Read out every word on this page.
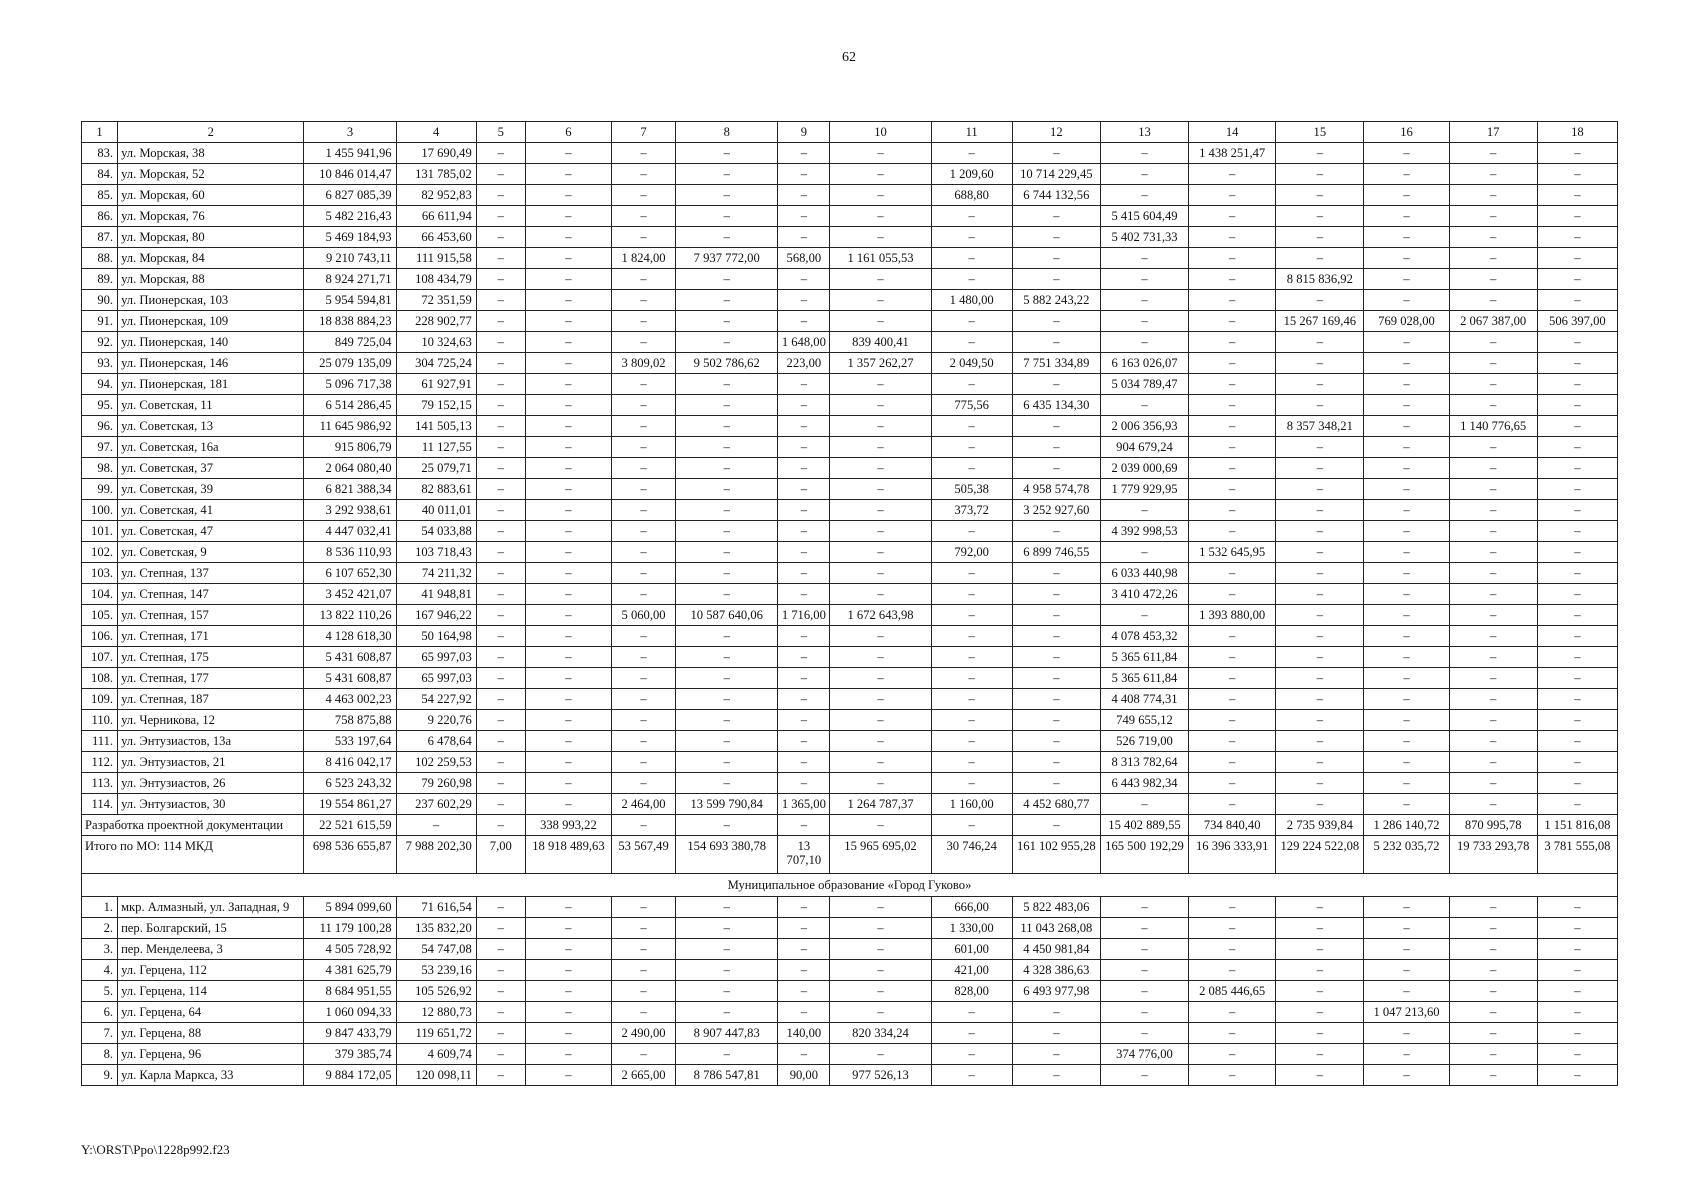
62
1	2	3	4	5	6	7	8	9	10	11	12	13	14	15	16	17	18
83.	ул. Морская, 38	1 455 941,96	17 690,49	–	–	–	–	–	–	–	–	–	1 438 251,47	–	–	–	–
84.	ул. Морская, 52	10 846 014,47	131 785,02	–	–	–	–	–	–	1 209,60	10 714 229,45	–	–	–	–	–	–
85.	ул. Морская, 60	6 827 085,39	82 952,83	–	–	–	–	–	–	688,80	6 744 132,56	–	–	–	–	–	–
86.	ул. Морская, 76	5 482 216,43	66 611,94	–	–	–	–	–	–	–	–	5 415 604,49	–	–	–	–	–
87.	ул. Морская, 80	5 469 184,93	66 453,60	–	–	–	–	–	–	–	–	5 402 731,33	–	–	–	–	–
88.	ул. Морская, 84	9 210 743,11	111 915,58	–	–	1 824,00	7 937 772,00	568,00	1 161 055,53	–	–	–	–	–	–	–	–
89.	ул. Морская, 88	8 924 271,71	108 434,79	–	–	–	–	–	–	–	–	–	–	8 815 836,92	–	–	–
90.	ул. Пионерская, 103	5 954 594,81	72 351,59	–	–	–	–	–	–	1 480,00	5 882 243,22	–	–	–	–	–	–
91.	ул. Пионерская, 109	18 838 884,23	228 902,77	–	–	–	–	–	–	–	–	–	–	15 267 169,46	769 028,00	2 067 387,00	506 397,00
92.	ул. Пионерская, 140	849 725,04	10 324,63	–	–	–	–	1 648,00	839 400,41	–	–	–	–	–	–	–	–
93.	ул. Пионерская, 146	25 079 135,09	304 725,24	–	–	3 809,02	9 502 786,62	223,00	1 357 262,27	2 049,50	7 751 334,89	6 163 026,07	–	–	–	–	–
94.	ул. Пионерская, 181	5 096 717,38	61 927,91	–	–	–	–	–	–	–	–	5 034 789,47	–	–	–	–	–
95.	ул. Советская, 11	6 514 286,45	79 152,15	–	–	–	–	–	–	775,56	6 435 134,30	–	–	–	–	–	–
96.	ул. Советская, 13	11 645 986,92	141 505,13	–	–	–	–	–	–	–	–	2 006 356,93	–	8 357 348,21	–	1 140 776,65	–
97.	ул. Советская, 16а	915 806,79	11 127,55	–	–	–	–	–	–	–	–	904 679,24	–	–	–	–	–
98.	ул. Советская, 37	2 064 080,40	25 079,71	–	–	–	–	–	–	–	–	2 039 000,69	–	–	–	–	–
99.	ул. Советская, 39	6 821 388,34	82 883,61	–	–	–	–	–	–	505,38	4 958 574,78	1 779 929,95	–	–	–	–	–
100.	ул. Советская, 41	3 292 938,61	40 011,01	–	–	–	–	–	–	373,72	3 252 927,60	–	–	–	–	–	–
101.	ул. Советская, 47	4 447 032,41	54 033,88	–	–	–	–	–	–	–	–	4 392 998,53	–	–	–	–	–
102.	ул. Советская, 9	8 536 110,93	103 718,43	–	–	–	–	–	–	792,00	6 899 746,55	–	1 532 645,95	–	–	–	–
103.	ул. Степная, 137	6 107 652,30	74 211,32	–	–	–	–	–	–	–	–	6 033 440,98	–	–	–	–	–
104.	ул. Степная, 147	3 452 421,07	41 948,81	–	–	–	–	–	–	–	–	3 410 472,26	–	–	–	–	–
105.	ул. Степная, 157	13 822 110,26	167 946,22	–	–	5 060,00	10 587 640,06	1 716,00	1 672 643,98	–	–	–	1 393 880,00	–	–	–	–
106.	ул. Степная, 171	4 128 618,30	50 164,98	–	–	–	–	–	–	–	–	4 078 453,32	–	–	–	–	–
107.	ул. Степная, 175	5 431 608,87	65 997,03	–	–	–	–	–	–	–	–	5 365 611,84	–	–	–	–	–
108.	ул. Степная, 177	5 431 608,87	65 997,03	–	–	–	–	–	–	–	–	5 365 611,84	–	–	–	–	–
109.	ул. Степная, 187	4 463 002,23	54 227,92	–	–	–	–	–	–	–	–	4 408 774,31	–	–	–	–	–
110.	ул. Черникова, 12	758 875,88	9 220,76	–	–	–	–	–	–	–	–	749 655,12	–	–	–	–	–
111.	ул. Энтузиастов, 13а	533 197,64	6 478,64	–	–	–	–	–	–	–	–	526 719,00	–	–	–	–	–
112.	ул. Энтузиастов, 21	8 416 042,17	102 259,53	–	–	–	–	–	–	–	–	8 313 782,64	–	–	–	–	–
113.	ул. Энтузиастов, 26	6 523 243,32	79 260,98	–	–	–	–	–	–	–	–	6 443 982,34	–	–	–	–	–
114.	ул. Энтузиастов, 30	19 554 861,27	237 602,29	–	–	2 464,00	13 599 790,84	1 365,00	1 264 787,37	1 160,00	4 452 680,77	–	–	–	–	–	–
Разработка проектной документации		22 521 615,59	–	–	338 993,22	–	–	–	–	–	–	15 402 889,55	734 840,40	2 735 939,84	1 286 140,72	870 995,78	1 151 816,08
Итого по МО: 114 МКД		698 536 655,87	7 988 202,30	7,00	18 918 489,63	53 567,49	154 693 380,78	13 707,10	15 965 695,02	30 746,24	161 102 955,28	165 500 192,29	16 396 333,91	129 224 522,08	5 232 035,72	19 733 293,78	3 781 555,08
Муниципальное образование «Город Гуково»																	
1.	мкр. Алмазный, ул. Западная, 9	5 894 099,60	71 616,54	–	–	–	–	–	–	666,00	5 822 483,06	–	–	–	–	–	–
2.	пер. Болгарский, 15	11 179 100,28	135 832,20	–	–	–	–	–	–	1 330,00	11 043 268,08	–	–	–	–	–	–
3.	пер. Менделеева, 3	4 505 728,92	54 747,08	–	–	–	–	–	–	601,00	4 450 981,84	–	–	–	–	–	–
4.	ул. Герцена, 112	4 381 625,79	53 239,16	–	–	–	–	–	–	421,00	4 328 386,63	–	–	–	–	–	–
5.	ул. Герцена, 114	8 684 951,55	105 526,92	–	–	–	–	–	–	828,00	6 493 977,98	–	2 085 446,65	–	–	–	–
6.	ул. Герцена, 64	1 060 094,33	12 880,73	–	–	–	–	–	–	–	–	–	–	–	1 047 213,60	–	–
7.	ул. Герцена, 88	9 847 433,79	119 651,72	–	–	2 490,00	8 907 447,83	140,00	820 334,24	–	–	–	–	–	–	–	–
8.	ул. Герцена, 96	379 385,74	4 609,74	–	–	–	–	–	–	–	–	374 776,00	–	–	–	–	–
9.	ул. Карла Маркса, 33	9 884 172,05	120 098,11	–	–	2 665,00	8 786 547,81	90,00	977 526,13	–	–	–	–	–	–	–	–
Y:\ORST\Ppo\1228p992.f23
